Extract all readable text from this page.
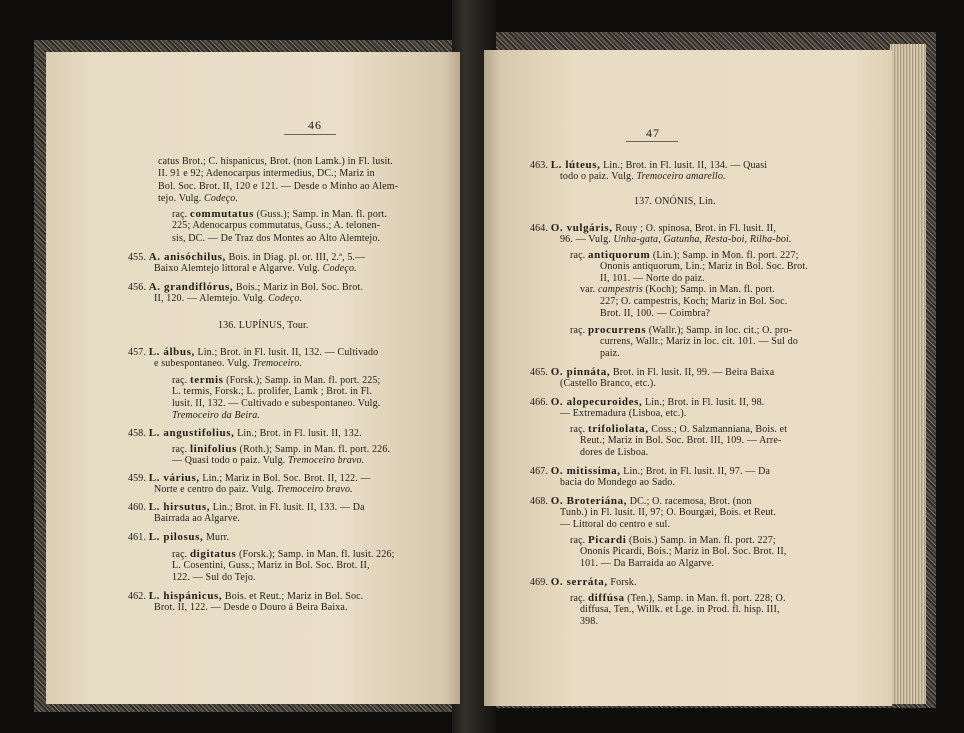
46
catus Brot.; C. hispanicus, Brot. (non Lamk.) in Fl. lusit.
II. 91 e 92; Adenocarpus intermedius, DC.; Mariz in
Bol. Soc. Brot. II, 120 e 121. — Desde o Minho ao Alem-
tejo. Vulg. Codeço.
raç. commutatus (Guss.); Samp. in Man. fl. port.
225; Adenocarpus commutatus, Guss.; A. telonen-
sis, DC. — De Traz dos Montes ao Alto Alemtejo.
455. A. anisóchilus, Bois. in Diag. pl. or. III, 2.ª, 5.—
Baixo Alemtejo littoral e Algarve. Vulg. Codeço.
456. A. grandiflórus, Bois.; Mariz in Bol. Soc. Brot.
II, 120. — Alemtejo. Vulg. Codeço.
136. LUPÍNUS, Tour.
457. L. álbus, Lin.; Brot. in Fl. lusit. II, 132. — Cultivado
e subespontaneo. Vulg. Tremoceiro.
raç. termis (Forsk.); Samp. in Man. fl. port. 225;
L. termis, Forsk.; L. prolifer, Lamk ; Brot. in Fl.
lusit. II, 132. — Cultivado e subespontaneo. Vulg.
Tremoceiro da Beira.
458. L. angustifolius, Lin.; Brot. in Fl. lusit. II, 132.
raç. linifolius (Roth.); Samp. in Man. fl. port. 226.
— Quasi todo o paiz. Vulg. Tremoceiro bravo.
459. L. várius, Lin.; Mariz in Bol. Soc. Brot. II, 122. —
Norte e centro do paiz. Vulg. Tremoceiro bravo.
460. L. hirsutus, Lin.; Brot. in Fl. lusit. II, 133. — Da
Bairrada ao Algarve.
461. L. pilosus, Murr.
raç. digitatus (Forsk.); Samp. in Man. fl. lusit. 226;
L. Cosentini, Guss.; Mariz in Bol. Soc. Brot. II,
122. — Sul do Tejo.
462. L. hispánicus, Bois. et Reut.; Mariz in Bol. Soc.
Brot. II, 122. — Desde o Douro á Beira Baixa.
47
463. L. lúteus, Lin.; Brot. in Fl. lusit. II, 134. — Quasi
todo o paiz. Vulg. Tremoceiro amarello.
137. ONÓNIS, Lin.
464. O. vulgáris, Rouy ; O. spinosa, Brot. in Fl. lusit. II,
96. — Vulg. Unha-gata, Gatunha, Resta-boi, Rilha-boi.
raç. antiquorum (Lin.); Samp. in Mon. fl. port. 227;
Ononis antiquorum, Lin.; Mariz in Bol. Soc. Brot.
II, 101. — Norte do paiz.
var. campestris (Koch); Samp. in Man. fl. port.
227; O. campestris, Koch; Mariz in Bol. Soc.
Brot. II, 100. — Coimbra?
raç. procurrens (Wallr.); Samp. in loc. cit.; O. pro-
currens, Wallr.; Mariz in loc. cit. 101. — Sul do
paiz.
465. O. pinnáta, Brot. in Fl. lusit. II, 99. — Beira Baixa
(Castello Branco, etc.).
466. O. alopecuroides, Lin.; Brot. in Fl. lusit. II, 98.
— Extremadura (Lisboa, etc.).
raç. trifoliolata, Coss.; O. Salzmanniana, Bois. et
Reut.; Mariz in Bol. Soc. Brot. III, 109. — Arre-
dores de Lisboa.
467. O. mitissima, Lin.; Brot. in Fl. lusit. II, 97. — Da
bacia do Mondego ao Sado.
468. O. Broteriána, DC.; O. racemosa, Brot. (non
Tunb.) in Fl. lusit. II, 97; O. Bourgæi, Bois. et Reut.
— Littoral do centro e sul.
raç. Picardi (Bois.) Samp. in Man. fl. port. 227;
Ononis Picardi, Bois.; Mariz in Bol. Soc. Brot. II,
101. — Da Barraida ao Algarve.
469. O. serráta, Forsk.
raç. diffúsa (Ten.), Samp. in Man. fl. port. 228; O.
diffusa, Ten., Willk. et Lge. in Prod. fl. hisp. III,
398.
